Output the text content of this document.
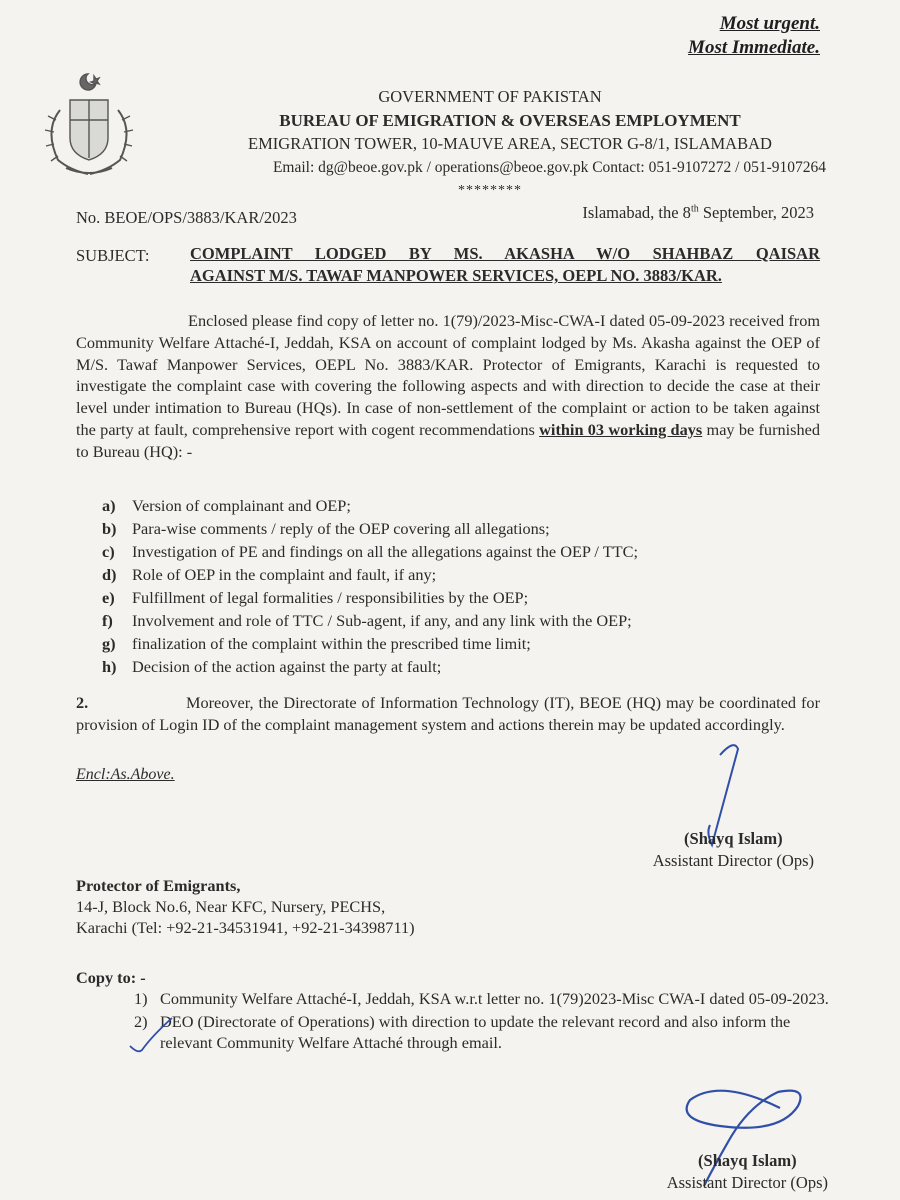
Most urgent.
Most Immediate.
GOVERNMENT OF PAKISTAN
BUREAU OF EMIGRATION & OVERSEAS EMPLOYMENT
EMIGRATION TOWER, 10-MAUVE AREA, SECTOR G-8/1, ISLAMABAD
Email: dg@beoe.gov.pk / operations@beoe.gov.pk Contact: 051-9107272 / 051-9107264
********
No. BEOE/OPS/3883/KAR/2023	Islamabad, the 8th September, 2023
SUBJECT: COMPLAINT LODGED BY MS. AKASHA W/O SHAHBAZ QAISAR
AGAINST M/S. TAWAF MANPOWER SERVICES, OEPL NO. 3883/KAR.
Enclosed please find copy of letter no. 1(79)/2023-Misc-CWA-I dated 05-09-2023 received from Community Welfare Attaché-I, Jeddah, KSA on account of complaint lodged by Ms. Akasha against the OEP of M/S. Tawaf Manpower Services, OEPL No. 3883/KAR. Protector of Emigrants, Karachi is requested to investigate the complaint case with covering the following aspects and with direction to decide the case at their level under intimation to Bureau (HQs). In case of non-settlement of the complaint or action to be taken against the party at fault, comprehensive report with cogent recommendations within 03 working days may be furnished to Bureau (HQ): -
a)	Version of complainant and OEP;
b) Para-wise comments / reply of the OEP covering all allegations;
c)	Investigation of PE and findings on all the allegations against the OEP / TTC;
d) Role of OEP in the complaint and fault, if any;
e)	Fulfillment of legal formalities / responsibilities by the OEP;
f)	Involvement and role of TTC / Sub-agent, if any, and any link with the OEP;
g)	finalization of the complaint within the prescribed time limit;
h) Decision of the action against the party at fault;
2.	Moreover, the Directorate of Information Technology (IT), BEOE (HQ) may be coordinated for provision of Login ID of the complaint management system and actions therein may be updated accordingly.
Encl:As.Above.
(Shayq Islam)
Assistant Director (Ops)
Protector of Emigrants,
14-J, Block No.6, Near KFC, Nursery, PECHS,
Karachi (Tel: +92-21-34531941, +92-21-34398711)
Copy to: -
1) Community Welfare Attaché-I, Jeddah, KSA w.r.t letter no. 1(79)2023-Misc CWA-I dated 05-09-2023.
2) DEO (Directorate of Operations) with direction to update the relevant record and also inform the relevant Community Welfare Attaché through email.
(Shayq Islam)
Assistant Director (Ops)
